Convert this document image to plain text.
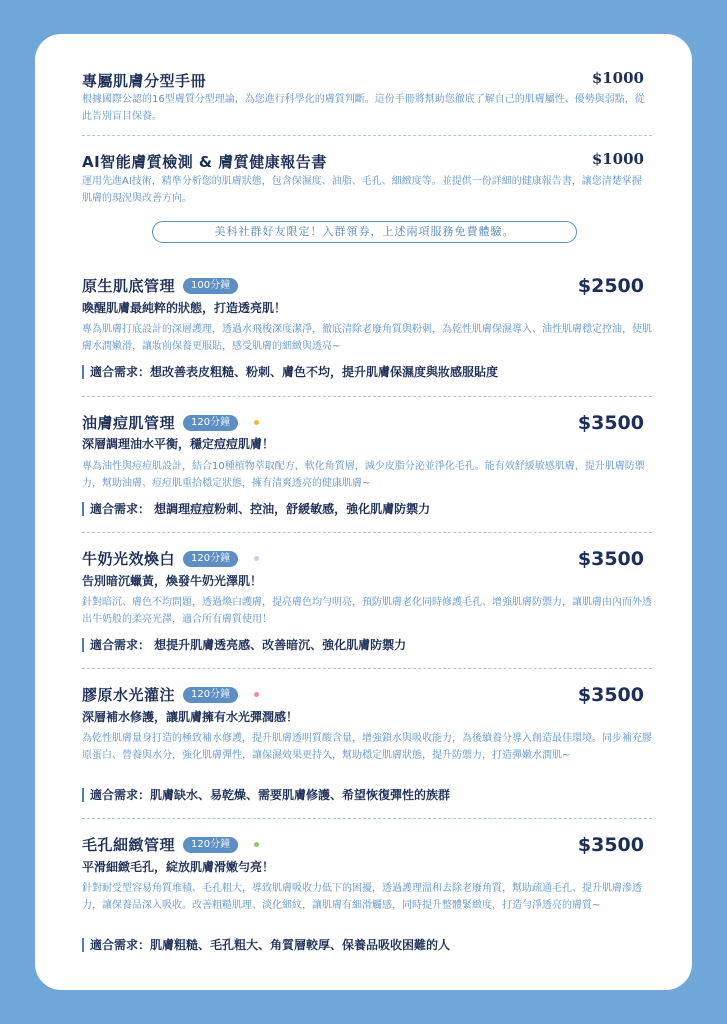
專屬肌膚分型手冊	$1000
根據國際公認的16型膚質分型理論，為您進行科學化的膚質判斷。這份手冊將幫助您徹底了解自己的肌膚屬性、優勢與弱點，從此告別盲目保養。
AI智能膚質檢測 & 膚質健康報告書	$1000
運用先進AI技術，精準分析您的肌膚狀態，包含保濕度、油脂、毛孔、細緻度等。並提供一份詳細的健康報告書，讓您清楚掌握肌膚的現況與改善方向。
美科社群好友限定！入群領券，上述兩項服務免費體驗。
原生肌底管理	100分鐘	$2500
喚醒肌膚最純粹的狀態，打造透亮肌！
專為肌膚打底設計的深層護理，透過水飛梭深度潔淨，徹底清除老廢角質與粉刺，為乾性肌膚保濕導入、油性肌膚穩定控油，使肌膚水潤嫩滑，讓妝前保養更服貼，感受肌膚的細緻與透亮~
適合需求：想改善表皮粗糙、粉刺、膚色不均，提升肌膚保濕度與妝感服貼度
油膚痘肌管理	120分鐘	$3500
深層調理油水平衡，穩定痘痘肌膚！
專為油性與痘痘肌設計，結合10種植物萃取配方，軟化角質層，減少皮脂分泌並淨化毛孔。能有效舒緩敏感肌膚，提升肌膚防禦力，幫助油膚、痘痘肌重拾穩定狀態，擁有清爽透亮的健康肌膚~
適合需求： 想調理痘痘粉刺、控油，舒緩敏感，強化肌膚防禦力
牛奶光效煥白	120分鐘	$3500
告別暗沉蠟黃，煥發牛奶光澤肌！
針對暗沉、膚色不均問題，透過煥白護膚，提亮膚色均勻明亮，預防肌膚老化同時修護毛孔、增強肌膚防禦力，讓肌膚由內而外透出牛奶般的柔亮光澤，適合所有膚質使用！
適合需求： 想提升肌膚透亮感、改善暗沉、強化肌膚防禦力
膠原水光灌注	120分鐘	$3500
深層補水修護，讓肌膚擁有水光彈潤感！
為乾性肌膚量身打造的極致補水修護，提升肌膚透明質酸含量，增強鎖水與吸收能力，為後續養分導入創造最佳環境。同步補充膠原蛋白、營養與水分，強化肌膚彈性，讓保濕效果更持久，幫助穩定肌膚狀態，提升防禦力，打造彈嫩水潤肌~
適合需求：肌膚缺水、易乾燥、需要肌膚修護、希望恢復彈性的族群
毛孔細緻管理	120分鐘	$3500
平滑細緻毛孔，綻放肌膚滑嫩勻亮！
針對耐受型容易角質堆積、毛孔粗大，導致肌膚吸收力低下的困擾，透過護理溫和去除老廢角質，幫助疏通毛孔、提升肌膚滲透力，讓保養品深入吸收。改善粗糙肌理、淡化細紋，讓肌膚有細滑觸感，同時提升整體緊緻度，打造勻淨透亮的膚質~
適合需求：肌膚粗糙、毛孔粗大、角質層較厚、保養品吸收困難的人
